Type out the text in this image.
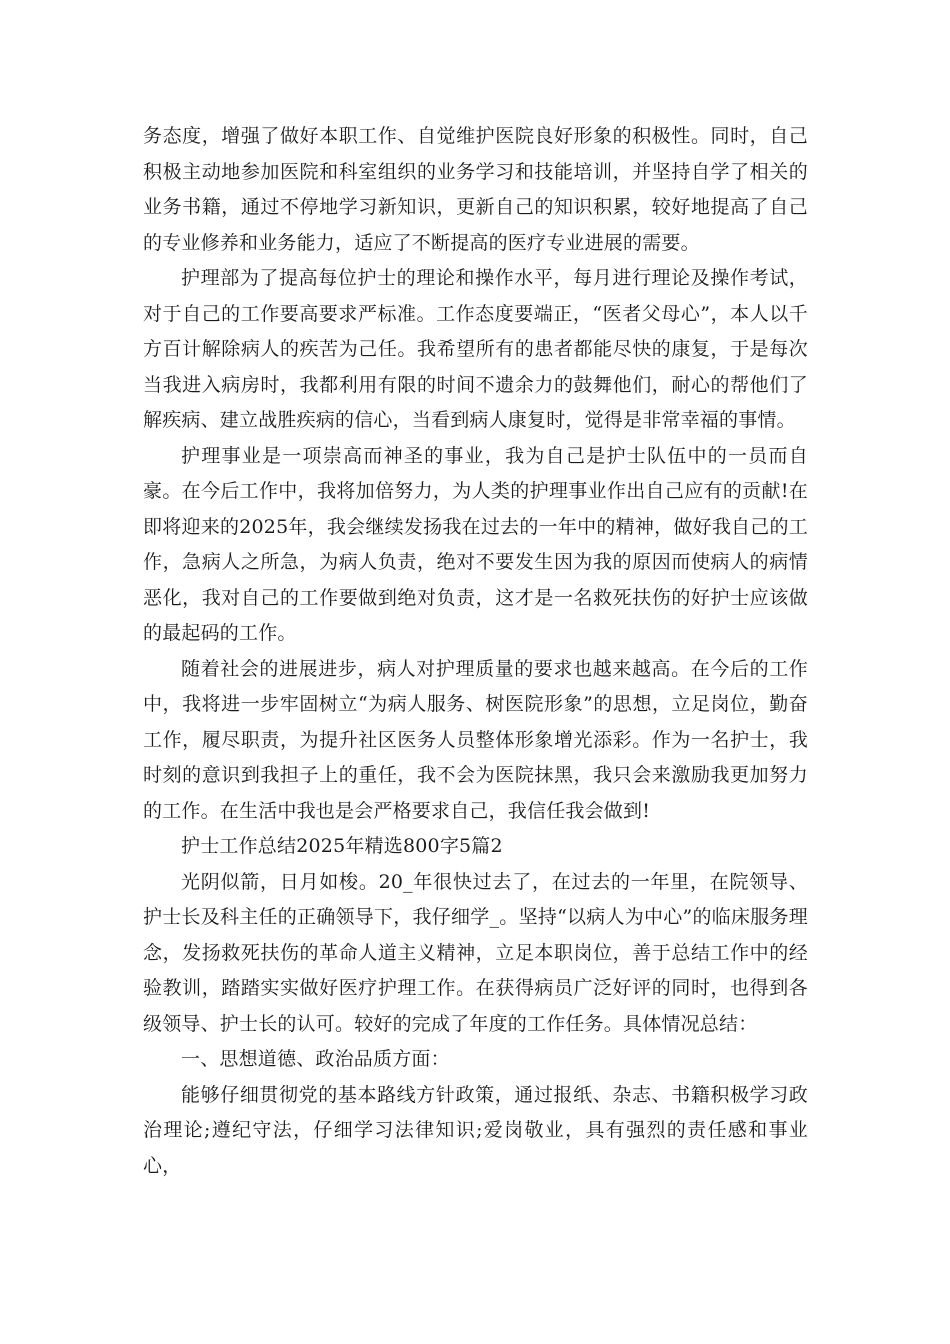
务态度，增强了做好本职工作、自觉维护医院良好形象的积极性。同时，自己积极主动地参加医院和科室组织的业务学习和技能培训，并坚持自学了相关的业务书籍，通过不停地学习新知识，更新自己的知识积累，较好地提高了自己的专业修养和业务能力，适应了不断提高的医疗专业进展的需要。

护理部为了提高每位护士的理论和操作水平，每月进行理论及操作考试，对于自己的工作要高要求严标准。工作态度要端正，“医者父母心”，本人以千方百计解除病人的疾苦为己任。我希望所有的患者都能尽快的康复，于是每次当我进入病房时，我都利用有限的时间不遗余力的鼓舞他们，耐心的帮他们了解疾病、建立战胜疾病的信心，当看到病人康复时，觉得是非常幸福的事情。

护理事业是一项崇高而神圣的事业，我为自己是护士队伍中的一员而自豪。在今后工作中，我将加倍努力，为人类的护理事业作出自己应有的贡献!在即将迎来的2025年，我会继续发扬我在过去的一年中的精神，做好我自己的工作，急病人之所急，为病人负责，绝对不要发生因为我的原因而使病人的病情恶化，我对自己的工作要做到绝对负责，这才是一名救死扶伤的好护士应该做的最起码的工作。

随着社会的进展进步，病人对护理质量的要求也越来越高。在今后的工作中，我将进一步牢固树立“为病人服务、树医院形象”的思想，立足岗位，勤奋工作，履尽职责，为提升社区医务人员整体形象增光添彩。作为一名护士，我时刻的意识到我担子上的重任，我不会为医院抹黑，我只会来激励我更加努力的工作。在生活中我也是会严格要求自己，我信任我会做到!

护士工作总结2025年精选800字5篇2

光阴似箭，日月如梭。20_年很快过去了，在过去的一年里，在院领导、护士长及科主任的正确领导下，我仔细学_。坚持“以病人为中心”的临床服务理念，发扬救死扶伤的革命人道主义精神，立足本职岗位，善于总结工作中的经验教训，踏踏实实做好医疗护理工作。在获得病员广泛好评的同时，也得到各级领导、护士长的认可。较好的完成了年度的工作任务。具体情况总结：

一、思想道德、政治品质方面：

能够仔细贯彻党的基本路线方针政策，通过报纸、杂志、书籍积极学习政治理论;遵纪守法，仔细学习法律知识;爱岗敬业，具有强烈的责任感和事业心，
